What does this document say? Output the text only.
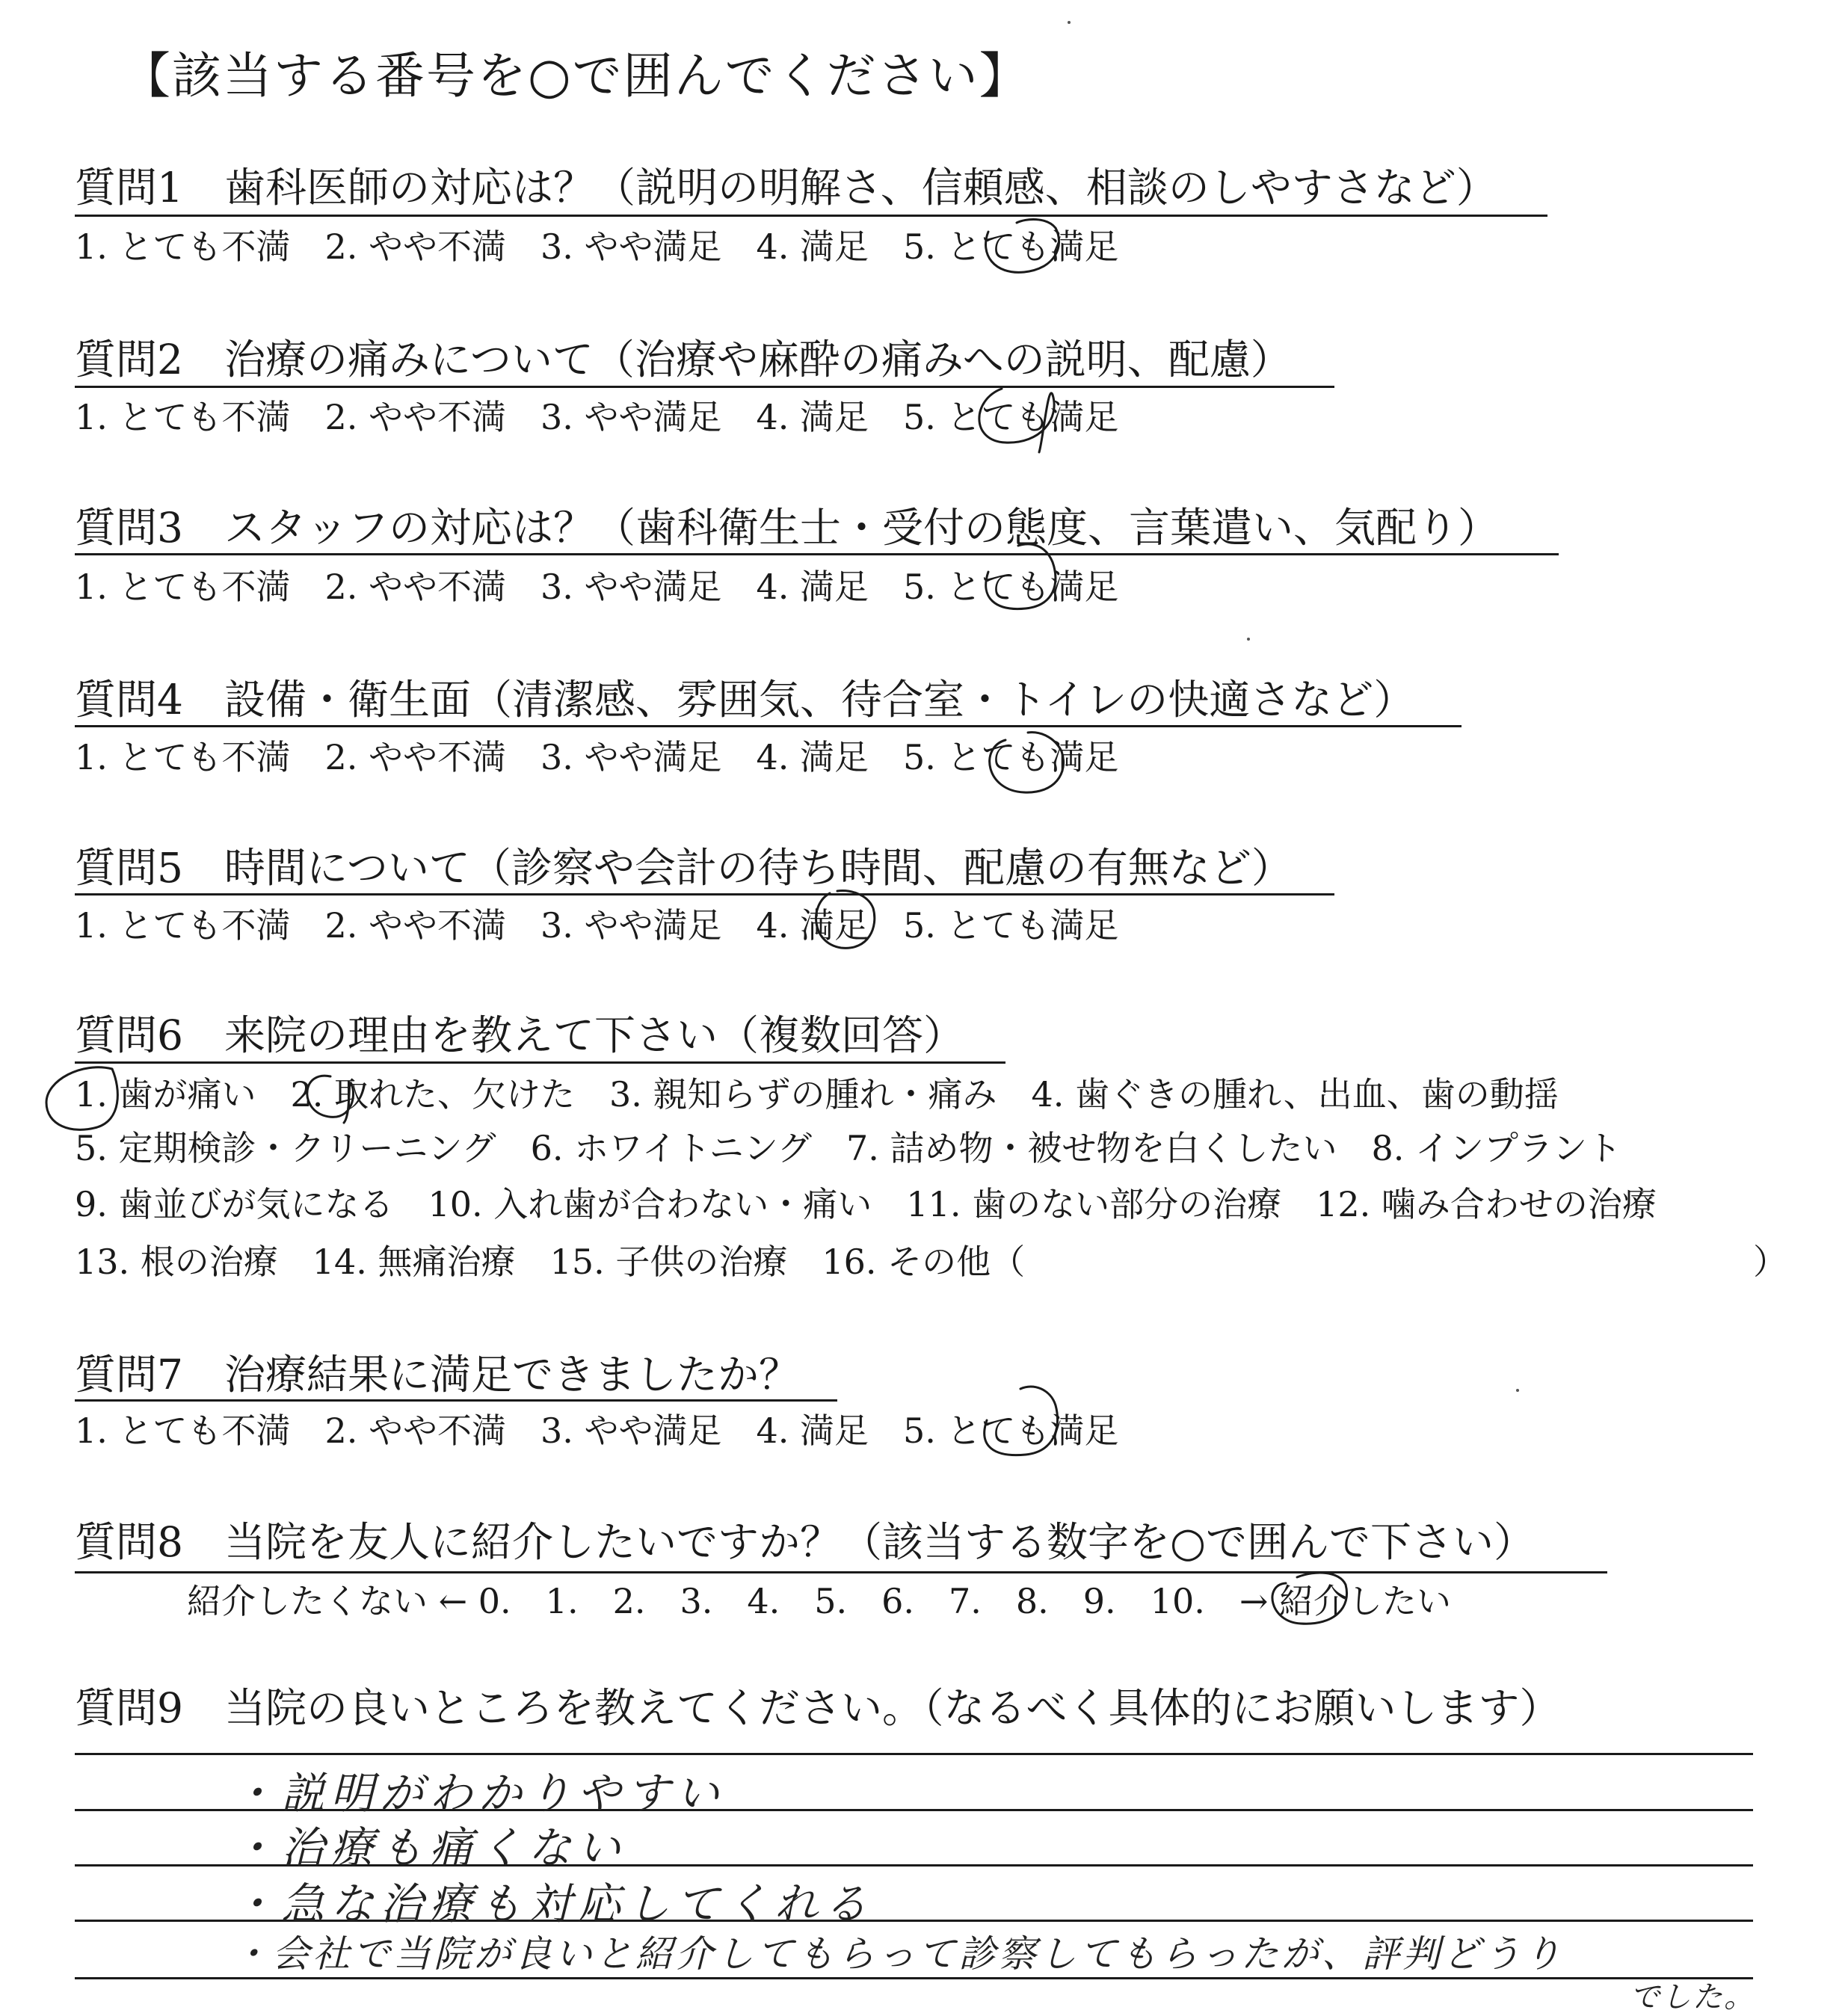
【該当する番号を○で囲んでください】
質問1　歯科医師の対応は？（説明の明解さ、信頼感、相談のしやすさなど）
1. とても不満　2. やや不満　3. やや満足　4. 満足　5. とても満足
質問2　治療の痛みについて（治療や麻酔の痛みへの説明、配慮）
1. とても不満　2. やや不満　3. やや満足　4. 満足　5. とても満足
質問3　スタッフの対応は？（歯科衛生士・受付の態度、言葉遣い、気配り）
1. とても不満　2. やや不満　3. やや満足　4. 満足　5. とても満足
質問4　設備・衛生面（清潔感、雰囲気、待合室・トイレの快適さなど）
1. とても不満　2. やや不満　3. やや満足　4. 満足　5. とても満足
質問5　時間について（診察や会計の待ち時間、配慮の有無など）
1. とても不満　2. やや不満　3. やや満足　4. 満足　5. とても満足
質問6　来院の理由を教えて下さい（複数回答）
1. 歯が痛い　2. 取れた、欠けた　3. 親知らずの腫れ・痛み　4. 歯ぐきの腫れ、出血、歯の動揺
5. 定期検診・クリーニング　6. ホワイトニング　7. 詰め物・被せ物を白くしたい　8. インプラント
9. 歯並びが気になる　10. 入れ歯が合わない・痛い　11. 歯のない部分の治療　12. 噛み合わせの治療
13. 根の治療　14. 無痛治療　15. 子供の治療　16. その他（	）
質問7　治療結果に満足できましたか？
1. とても不満　2. やや不満　3. やや満足　4. 満足　5. とても満足
質問8　当院を友人に紹介したいですか？（該当する数字を○で囲んで下さい）
紹介したくない ← 0.　1.　2.　3.　4.　5.　6.　7.　8.　9.　10.　→ 紹介したい
質問9　当院の良いところを教えてください。（なるべく具体的にお願いします）
・説明がわかりやすい
・治療も痛くない
・急な治療も対応してくれる
・会社で当院が良いと紹介してもらって診察してもらったが、評判どうり
でした。
